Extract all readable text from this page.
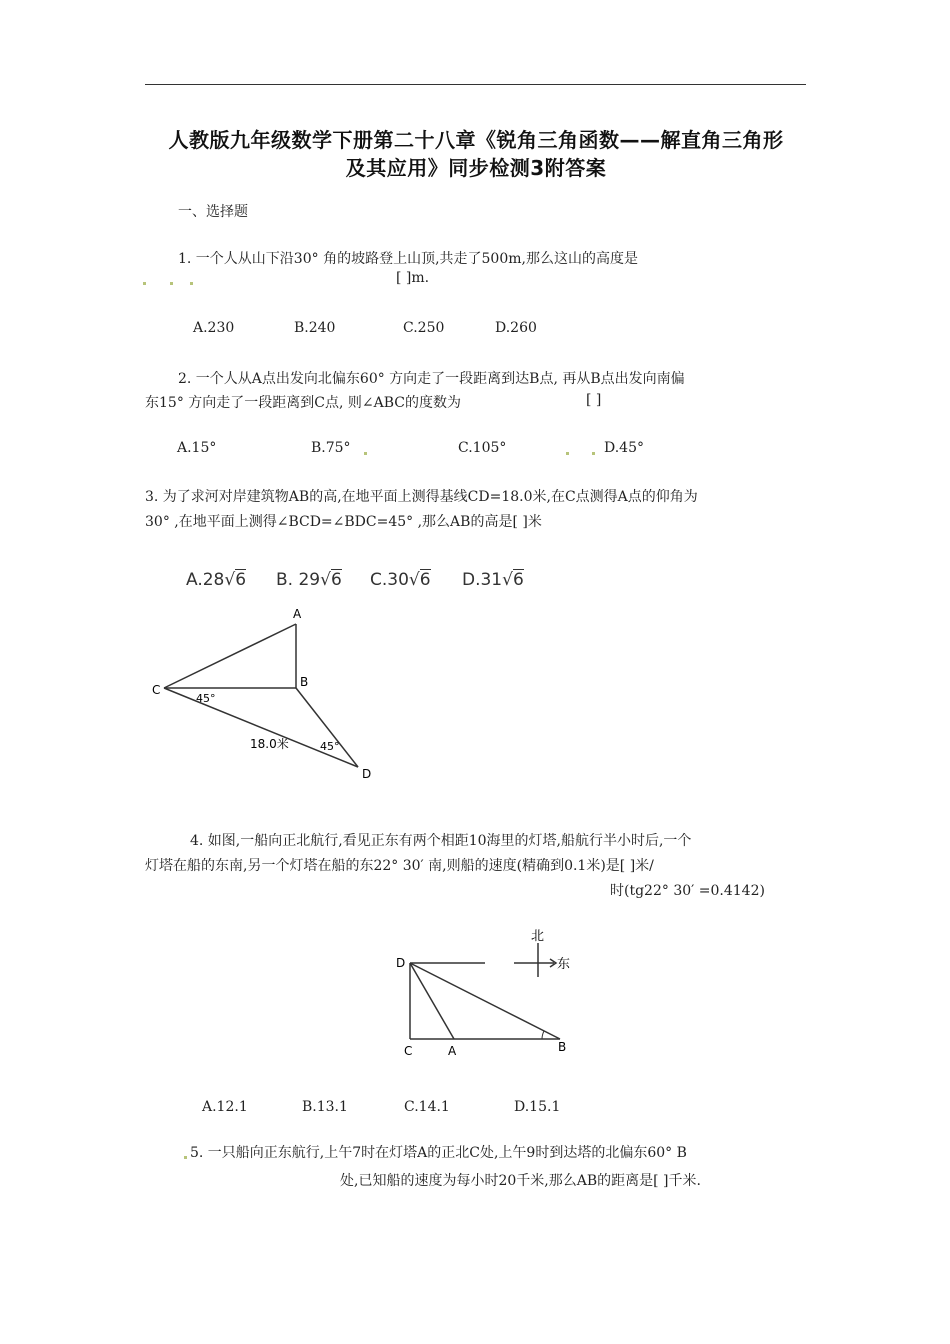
人教版九年级数学下册第二十八章《锐角三角函数——解直角三角形
及其应用》同步检测3附答案
一、选择题
1. 一个人从山下沿30° 角的坡路登上山顶,共走了500m,那么这山的高度是
[ ]m.
A.230	B.240	C.250	D.260
2. 一个人从A点出发向北偏东60° 方向走了一段距离到达B点, 再从B点出发向南偏
东15° 方向走了一段距离到C点, 则∠ABC的度数为	[ ]
A.15°	B.75°	C.105°	D.45°
3. 为了求河对岸建筑物AB的高,在地平面上测得基线CD=18.0米,在C点测得A点的仰角为
30° ,在地平面上测得∠BCD=∠BDC=45° ,那么AB的高是[ ]米
A.28√6 B. 29√6 C.30√6 D.31√6
A
B
C
D
45°
45°
18.0米
4. 如图,一船向正北航行,看见正东有两个相距10海里的灯塔,船航行半小时后,一个
灯塔在船的东南,另一个灯塔在船的东22° 30′ 南,则船的速度(精确到0.1米)是[ ]米/
时(tg22° 30′ =0.4142)
D
C	A	B
北
东
A.12.1	B.13.1	C.14.1	D.15.1
5. 一只船向正东航行,上午7时在灯塔A的正北C处,上午9时到达塔的北偏东60° B
处,已知船的速度为每小时20千米,那么AB的距离是[ ]千米.
